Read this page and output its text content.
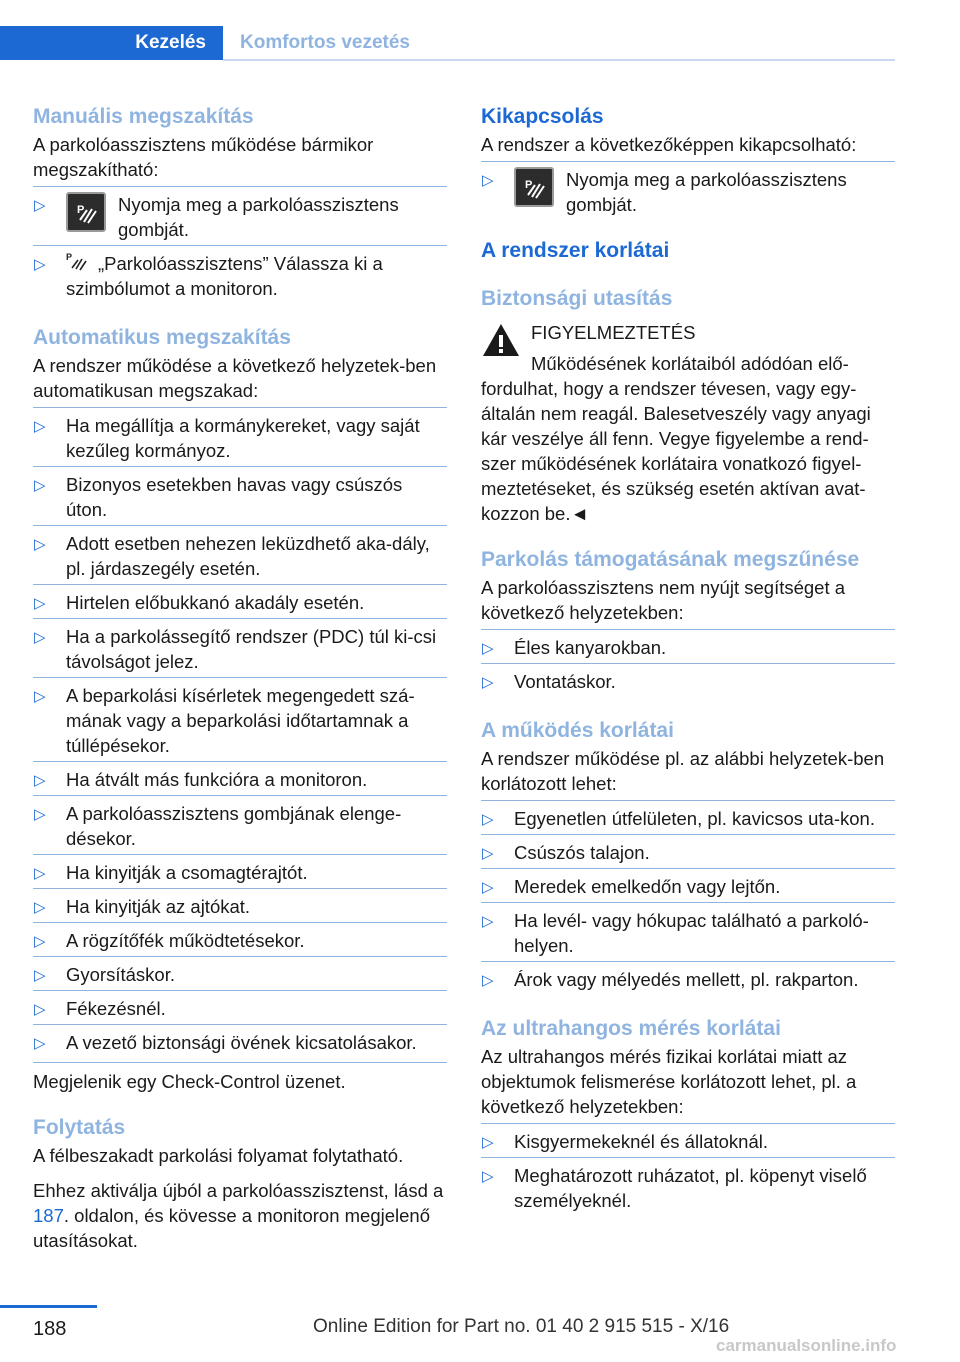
Kezelés	Komfortos vezetés
Manuális megszakítás
A parkolóasszisztens működése bármikor megszakítható:
▷	P Nyomja meg a parkolóasszisztens gombját.
▷ P „Parkolóasszisztens” Válassza ki a szimbólumot a monitoron.
Automatikus megszakítás
A rendszer működése a következő helyzetek-ben automatikusan megszakad:
▷ Ha megállítja a kormánykereket, vagy saját kezűleg kormányoz.
▷ Bizonyos esetekben havas vagy csúszós úton.
▷ Adott esetben nehezen leküzdhető aka-dály, pl. járdaszegély esetén.
▷ Hirtelen előbukkanó akadály esetén.
▷ Ha a parkolássegítő rendszer (PDC) túl ki-csi távolságot jelez.
▷ A beparkolási kísérletek megengedett szá-mának vagy a beparkolási időtartamnak a túllépésekor.
▷ Ha átvált más funkcióra a monitoron.
▷ A parkolóasszisztens gombjának elenge-désekor.
▷ Ha kinyitják a csomagtérajtót.
▷ Ha kinyitják az ajtókat.
▷ A rögzítőfék működtetésekor.
▷ Gyorsításkor.
▷ Fékezésnél.
▷ A vezető biztonsági övének kicsatolásakor.
Megjelenik egy Check-Control üzenet.
Folytatás
A félbeszakadt parkolási folyamat folytatható.
Ehhez aktiválja újból a parkolóasszisztenst, lásd a 187. oldalon, és kövesse a monitoron megjelenő utasításokat.
Kikapcsolás
A rendszer a következőképpen kikapcsolható:
▷	P Nyomja meg a parkolóasszisztens gombját.
A rendszer korlátai
Biztonsági utasítás
FIGYELMEZTETÉS
Működésének korlátaiból adódóan elő-
fordulhat, hogy a rendszer tévesen, vagy egy-általán nem reagál. Balesetveszély vagy anyagi kár veszélye áll fenn. Vegye figyelembe a rend-szer működésének korlátaira vonatkozó figyel-meztetéseket, és szükség esetén aktívan avat-kozzon be.◄
Parkolás támogatásának megszűnése
A parkolóasszisztens nem nyújt segítséget a következő helyzetekben:
▷ Éles kanyarokban.
▷ Vontatáskor.
A működés korlátai
A rendszer működése pl. az alábbi helyzetek-ben korlátozott lehet:
▷ Egyenetlen útfelületen, pl. kavicsos uta-kon.
▷ Csúszós talajon.
▷ Meredek emelkedőn vagy lejtőn.
▷ Ha levél- vagy hókupac található a parkoló-helyen.
▷ Árok vagy mélyedés mellett, pl. rakparton.
Az ultrahangos mérés korlátai
Az ultrahangos mérés fizikai korlátai miatt az objektumok felismerése korlátozott lehet, pl. a következő helyzetekben:
▷ Kisgyermekeknél és állatoknál.
▷ Meghatározott ruházatot, pl. köpenyt viselő személyeknél.
188	Online Edition for Part no. 01 40 2 915 515 - X/16
carmanualsonline.info
